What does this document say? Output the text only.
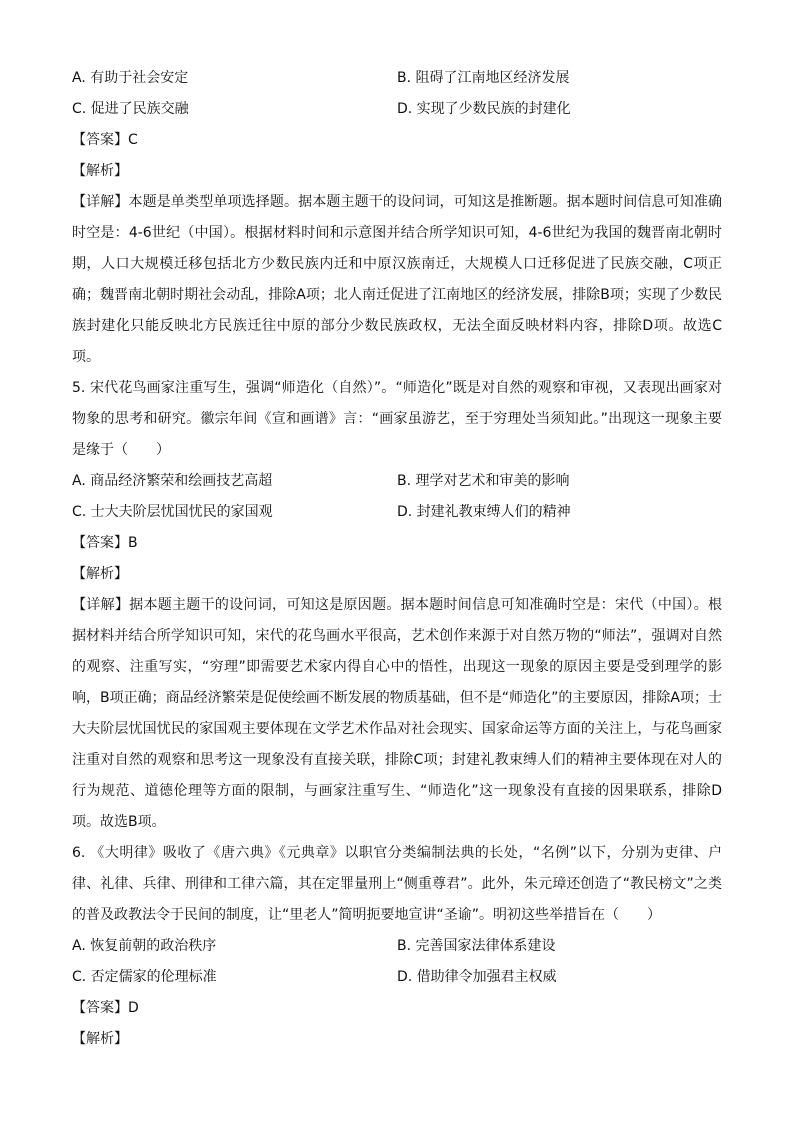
A. 有助于社会安定	B. 阻碍了江南地区经济发展
C. 促进了民族交融	D. 实现了少数民族的封建化
【答案】C
【解析】
【详解】本题是单类型单项选择题。据本题主题干的设问词，可知这是推断题。据本题时间信息可知准确时空是：4-6世纪（中国）。根据材料时间和示意图并结合所学知识可知，4-6世纪为我国的魏晋南北朝时期，人口大规模迁移包括北方少数民族内迁和中原汉族南迁，大规模人口迁移促进了民族交融，C项正确；魏晋南北朝时期社会动乱，排除A项；北人南迁促进了江南地区的经济发展，排除B项；实现了少数民族封建化只能反映北方民族迁往中原的部分少数民族政权，无法全面反映材料内容，排除D项。故选C项。
5. 宋代花鸟画家注重写生，强调“师造化（自然）”。“师造化”既是对自然的观察和审视，又表现出画家对物象的思考和研究。徽宗年间《宣和画谱》言：“画家虽游艺，至于穷理处当须知此。”出现这一现象主要是缘于（　　）
A. 商品经济繁荣和绘画技艺高超	B. 理学对艺术和审美的影响
C. 士大夫阶层忧国忧民的家国观	D. 封建礼教束缚人们的精神
【答案】B
【解析】
【详解】据本题主题干的设问词，可知这是原因题。据本题时间信息可知准确时空是：宋代（中国）。根据材料并结合所学知识可知，宋代的花鸟画水平很高，艺术创作来源于对自然万物的“师法”，强调对自然的观察、注重写实，“穷理”即需要艺术家内得自心中的悟性，出现这一现象的原因主要是受到理学的影响，B项正确；商品经济繁荣是促使绘画不断发展的物质基础，但不是“师造化”的主要原因，排除A项；士大夫阶层忧国忧民的家国观主要体现在文学艺术作品对社会现实、国家命运等方面的关注上，与花鸟画家注重对自然的观察和思考这一现象没有直接关联，排除C项；封建礼教束缚人们的精神主要体现在对人的行为规范、道德伦理等方面的限制，与画家注重写生、“师造化”这一现象没有直接的因果联系，排除D项。故选B项。
6. 《大明律》吸收了《唐六典》《元典章》以职官分类编制法典的长处，“名例”以下，分别为吏律、户律、礼律、兵律、刑律和工律六篇，其在定罪量刑上“侧重尊君”。此外，朱元璋还创造了“教民榜文”之类的普及政教法令于民间的制度，让“里老人”简明扼要地宣讲“圣谕”。明初这些举措旨在（　　）
A. 恢复前朝的政治秩序	B. 完善国家法律体系建设
C. 否定儒家的伦理标准	D. 借助律令加强君主权威
【答案】D
【解析】
